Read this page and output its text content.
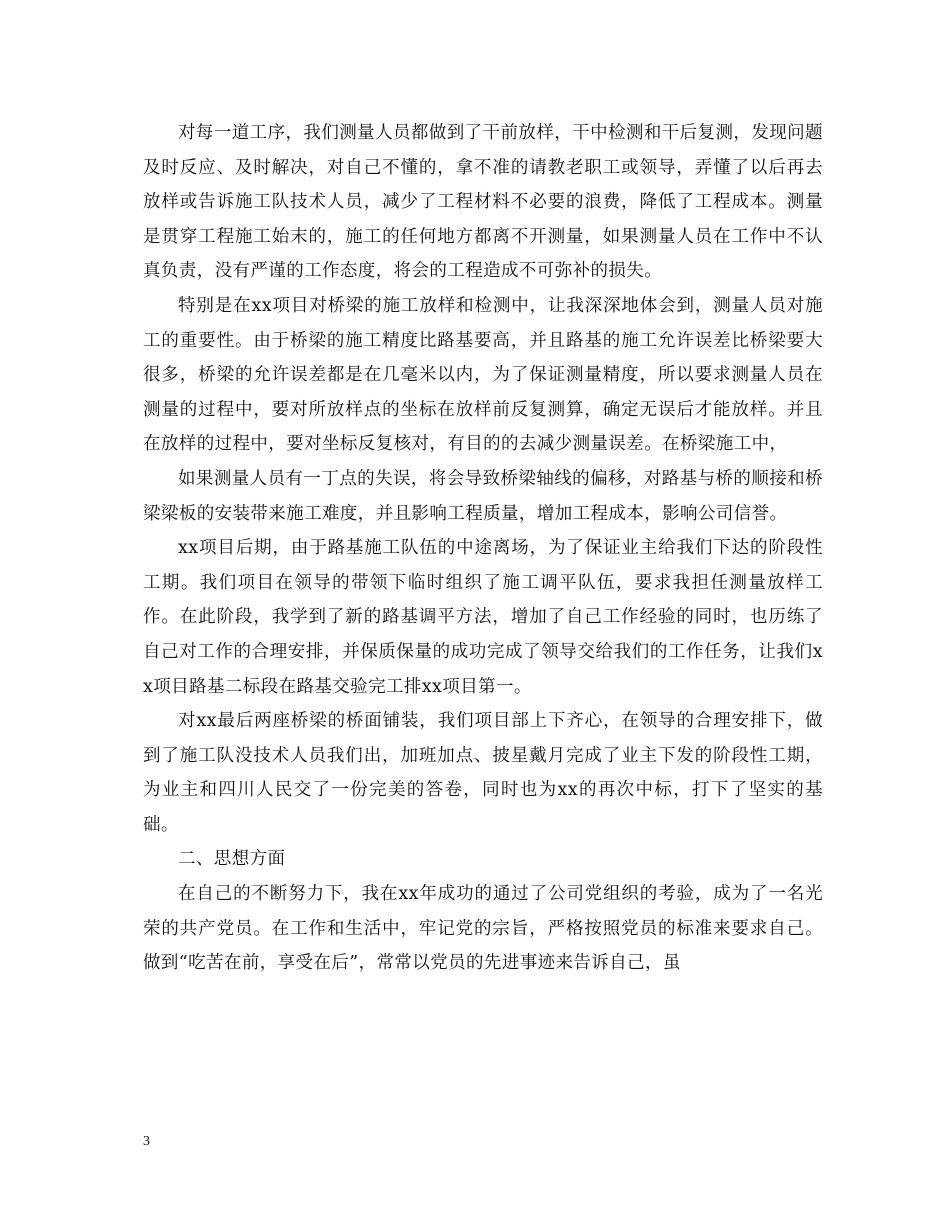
对每一道工序，我们测量人员都做到了干前放样，干中检测和干后复测，发现问题及时反应、及时解决，对自己不懂的，拿不准的请教老职工或领导，弄懂了以后再去放样或告诉施工队技术人员，减少了工程材料不必要的浪费，降低了工程成本。测量是贯穿工程施工始末的，施工的任何地方都离不开测量，如果测量人员在工作中不认真负责，没有严谨的工作态度，将会的工程造成不可弥补的损失。

特别是在xx项目对桥梁的施工放样和检测中，让我深深地体会到，测量人员对施工的重要性。由于桥梁的施工精度比路基要高，并且路基的施工允许误差比桥梁要大很多，桥梁的允许误差都是在几毫米以内，为了保证测量精度，所以要求测量人员在测量的过程中，要对所放样点的坐标在放样前反复测算，确定无误后才能放样。并且在放样的过程中，要对坐标反复核对，有目的的去减少测量误差。在桥梁施工中，

如果测量人员有一丁点的失误，将会导致桥梁轴线的偏移，对路基与桥的顺接和桥梁梁板的安装带来施工难度，并且影响工程质量，增加工程成本，影响公司信誉。

xx项目后期，由于路基施工队伍的中途离场，为了保证业主给我们下达的阶段性工期。我们项目在领导的带领下临时组织了施工调平队伍，要求我担任测量放样工作。在此阶段，我学到了新的路基调平方法，增加了自己工作经验的同时，也历练了自己对工作的合理安排，并保质保量的成功完成了领导交给我们的工作任务，让我们xx项目路基二标段在路基交验完工排xx项目第一。

对xx最后两座桥梁的桥面铺装，我们项目部上下齐心，在领导的合理安排下，做到了施工队没技术人员我们出，加班加点、披星戴月完成了业主下发的阶段性工期，为业主和四川人民交了一份完美的答卷，同时也为xx的再次中标，打下了坚实的基础。

二、思想方面

在自己的不断努力下，我在xx年成功的通过了公司党组织的考验，成为了一名光荣的共产党员。在工作和生活中，牢记党的宗旨，严格按照党员的标准来要求自己。做到“吃苦在前，享受在后”，常常以党员的先进事迹来告诉自己，虽

3
